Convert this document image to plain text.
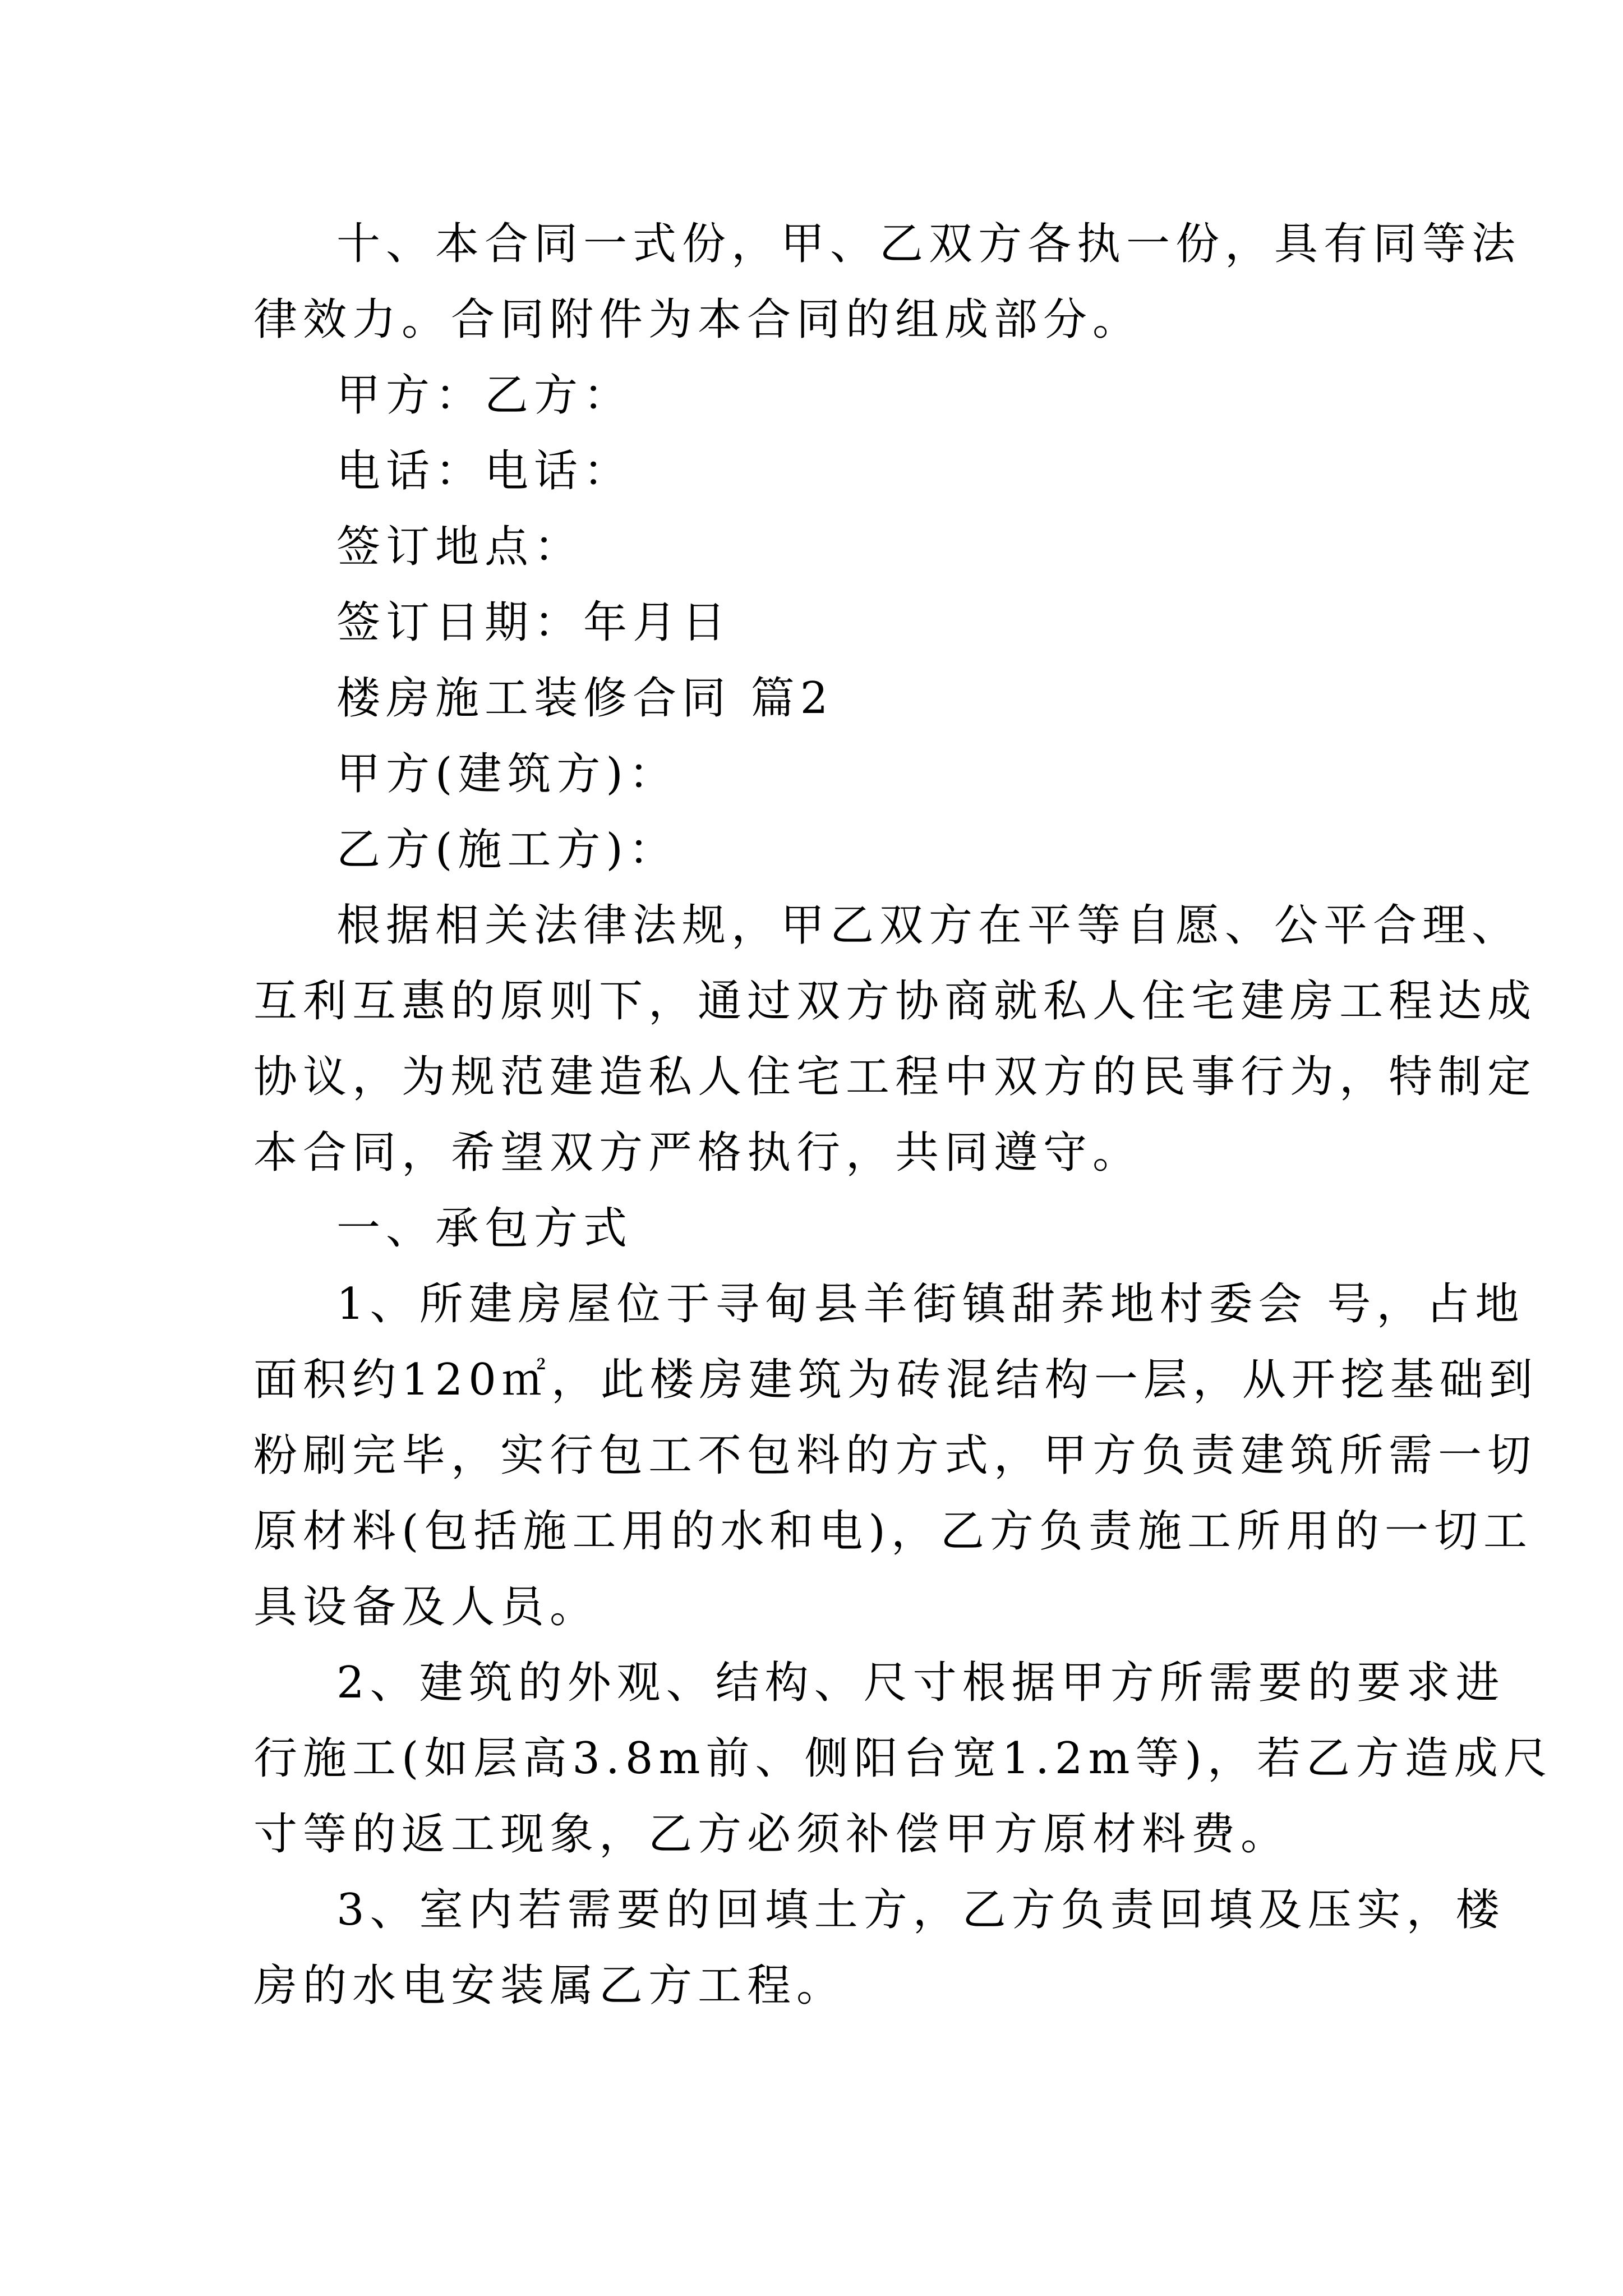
十、本合同一式份，甲、乙双方各执一份，具有同等法
律效力。合同附件为本合同的组成部分。
甲方：乙方：
电话：电话：
签订地点：
签订日期：年月日
楼房施工装修合同 篇2
甲方(建筑方)：
乙方(施工方)：
根据相关法律法规，甲乙双方在平等自愿、公平合理、
互利互惠的原则下，通过双方协商就私人住宅建房工程达成
协议，为规范建造私人住宅工程中双方的民事行为，特制定
本合同，希望双方严格执行，共同遵守。
一、承包方式
1、所建房屋位于寻甸县羊街镇甜荞地村委会 号，占地
面积约120㎡，此楼房建筑为砖混结构一层，从开挖基础到
粉刷完毕，实行包工不包料的方式，甲方负责建筑所需一切
原材料(包括施工用的水和电)，乙方负责施工所用的一切工
具设备及人员。
2、建筑的外观、结构、尺寸根据甲方所需要的要求进
行施工(如层高3.8m前、侧阳台宽1.2m等)，若乙方造成尺
寸等的返工现象，乙方必须补偿甲方原材料费。
3、室内若需要的回填土方，乙方负责回填及压实，楼
房的水电安装属乙方工程。
